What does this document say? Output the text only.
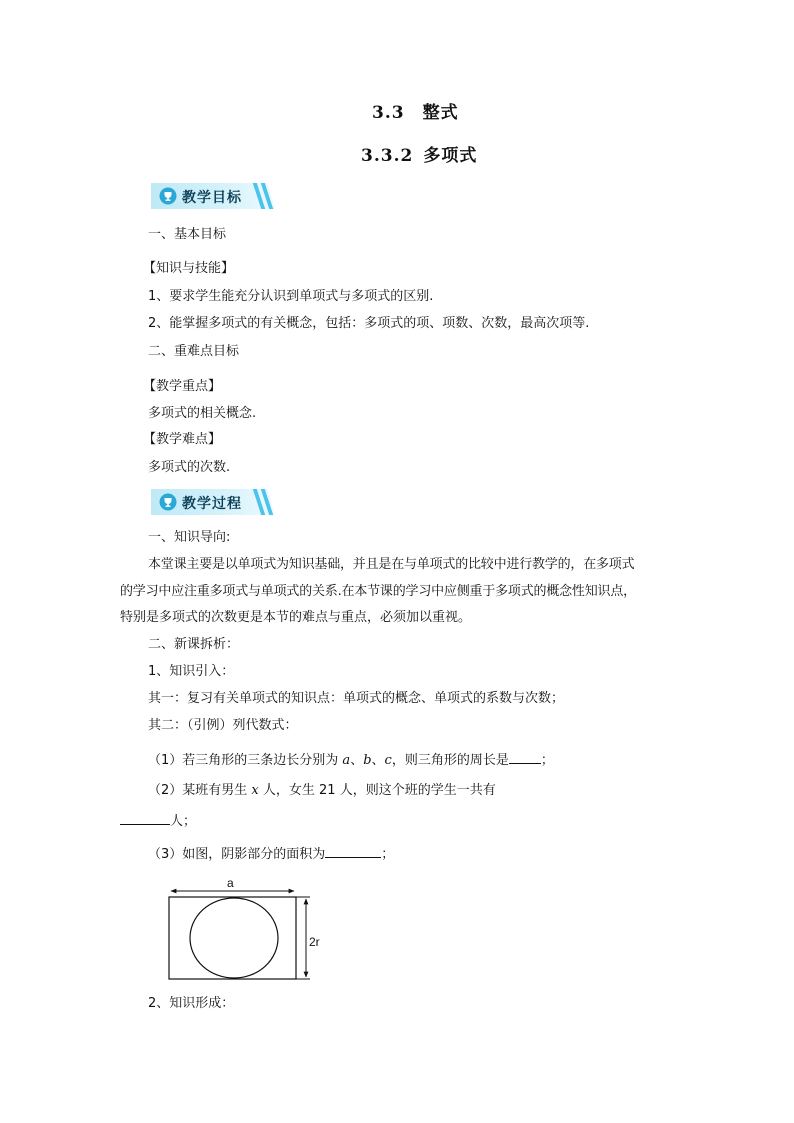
3.3 整式
3.3.2 多项式
教学目标
一、基本目标
【知识与技能】
1、要求学生能充分认识到单项式与多项式的区别.
2、能掌握多项式的有关概念，包括：多项式的项、项数、次数，最高次项等.
二、重难点目标
【教学重点】
多项式的相关概念.
【教学难点】
多项式的次数.
教学过程
一、知识导向:
本堂课主要是以单项式为知识基础，并且是在与单项式的比较中进行教学的，在多项式
的学习中应注重多项式与单项式的关系.在本节课的学习中应侧重于多项式的概念性知识点，
特别是多项式的次数更是本节的难点与重点，必须加以重视。
二、新课拆析：
1、知识引入：
其一：复习有关单项式的知识点：单项式的概念、单项式的系数与次数；
其二：（引例）列代数式：
（1）若三角形的三条边长分别为 a、b、c，则三角形的周长是 ；
（2）某班有男生 x 人，女生 21 人，则这个班的学生一共有
人；
（3）如图，阴影部分的面积为	；
a
2r
2、知识形成：
